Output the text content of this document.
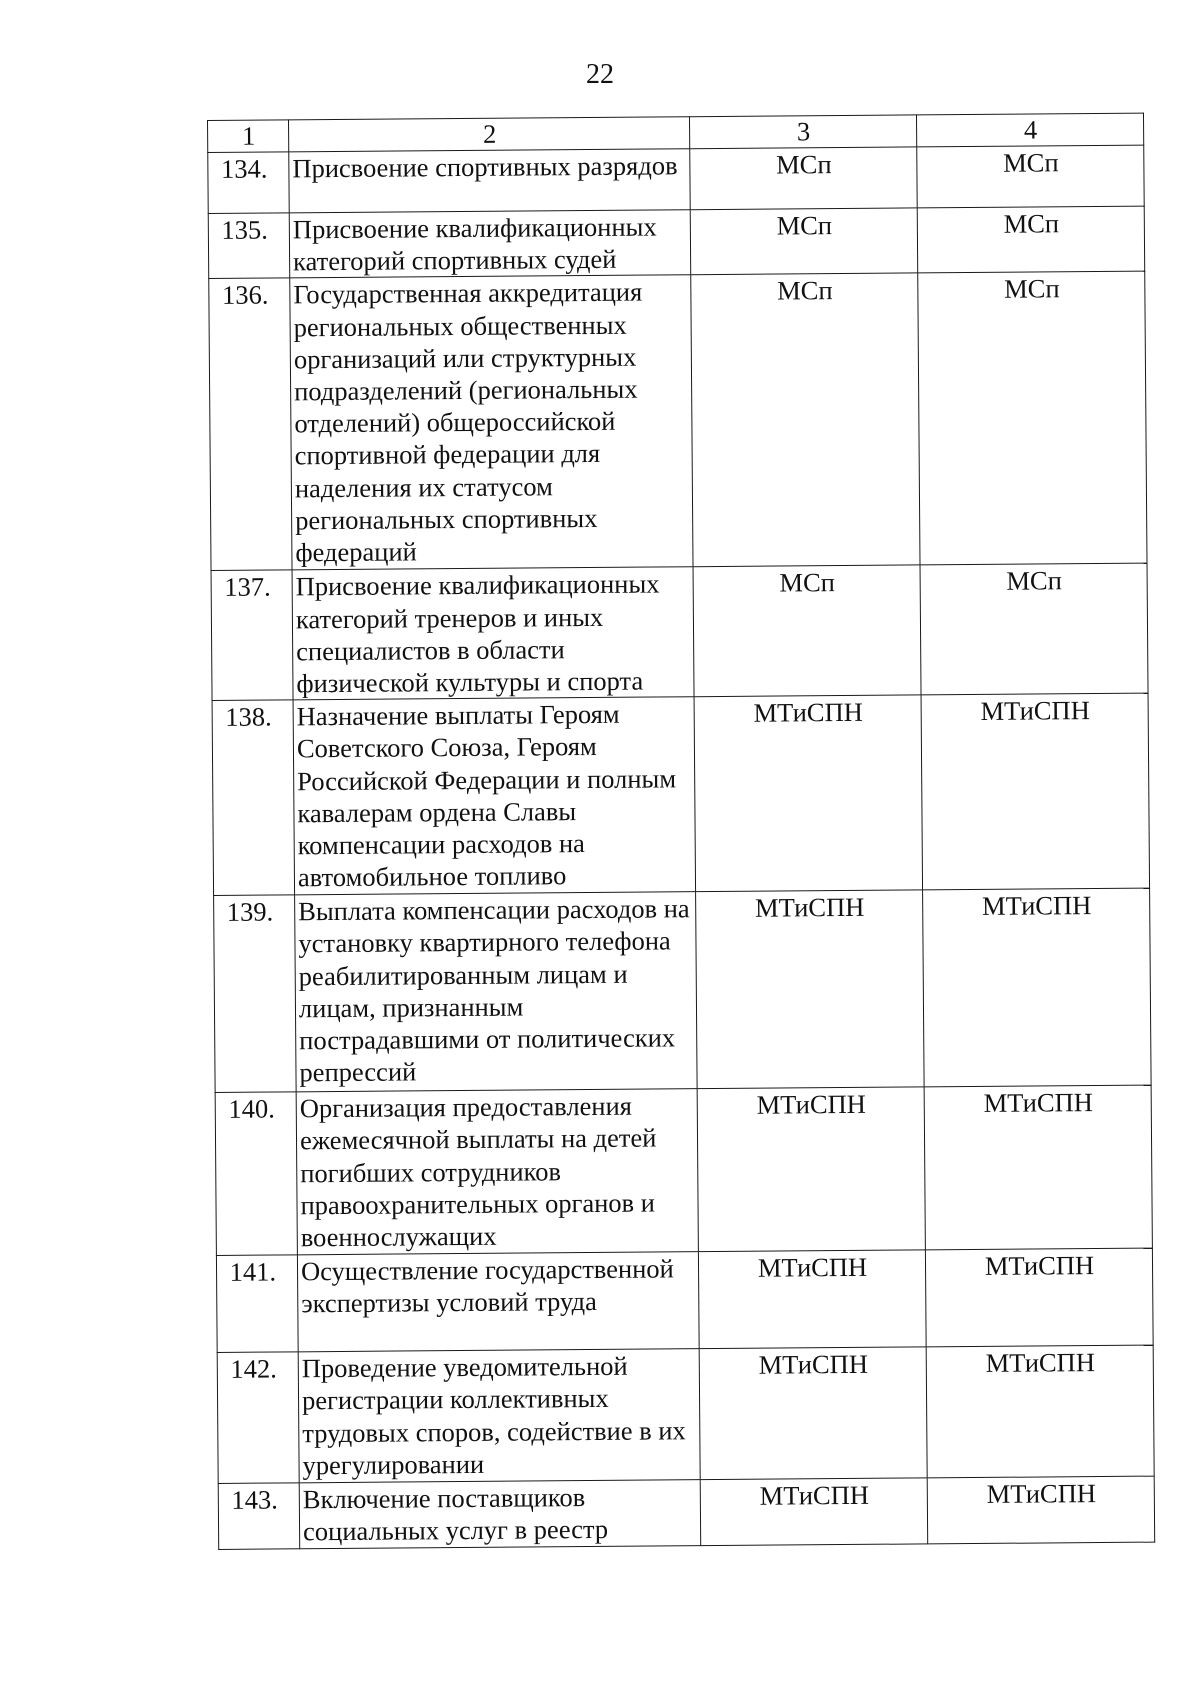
22
1	2	3	4
134.	Присвоение спортивных разрядов	МСп	МСп
135.	Присвоение квалификационных категорий спортивных судей	МСп	МСп
136.	Государственная аккредитация региональных общественных организаций или структурных подразделений (региональных отделений) общероссийской спортивной федерации для наделения их статусом региональных спортивных федераций	МСп	МСп
137.	Присвоение квалификационных категорий тренеров и иных специалистов в области физической культуры и спорта	МСп	МСп
138.	Назначение выплаты Героям Советского Союза, Героям Российской Федерации и полным кавалерам ордена Славы компенсации расходов на автомобильное топливо	МТиСПН	МТиСПН
139.	Выплата компенсации расходов на установку квартирного телефона реабилитированным лицам и лицам, признанным пострадавшими от политических репрессий	МТиСПН	МТиСПН
140.	Организация предоставления ежемесячной выплаты на детей погибших сотрудников правоохранительных органов и военнослужащих	МТиСПН	МТиСПН
141.	Осуществление государственной экспертизы условий труда	МТиСПН	МТиСПН
142.	Проведение уведомительной регистрации коллективных трудовых споров, содействие в их урегулировании	МТиСПН	МТиСПН
143.	Включение поставщиков социальных услуг в реестр	МТиСПН	МТиСПН
